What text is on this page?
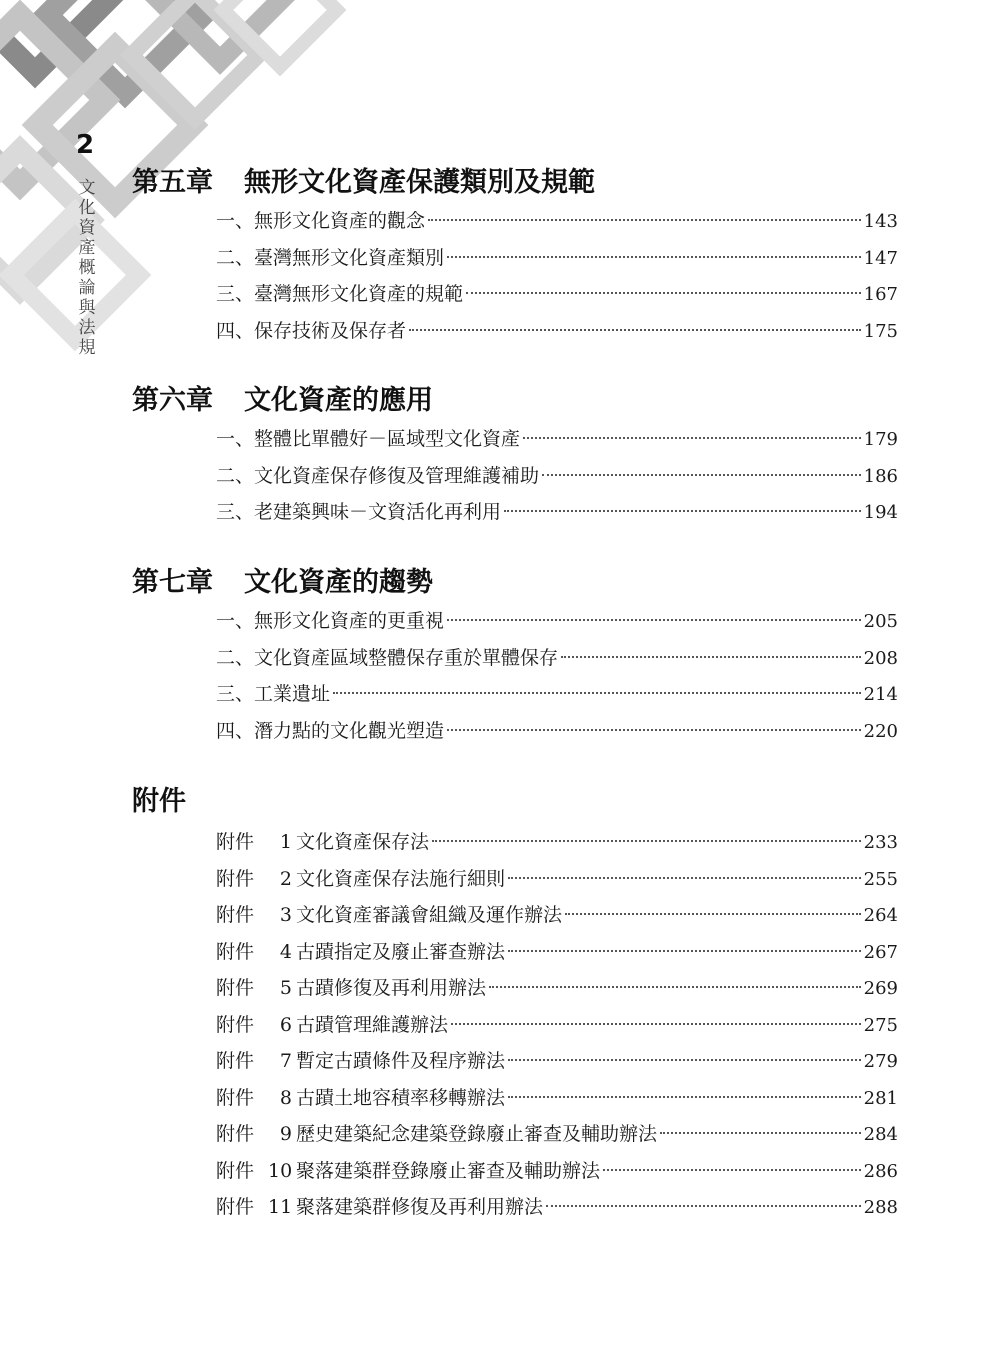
2
文化資產概論與法規
第五章 無形文化資產保護類別及規範
一、無形文化資產的觀念	143
二、臺灣無形文化資產類別	147
三、臺灣無形文化資產的規範	167
四、保存技術及保存者	175
第六章 文化資產的應用
一、整體比單體好－區域型文化資產	179
二、文化資產保存修復及管理維護補助	186
三、老建築興味－文資活化再利用	194
第七章 文化資產的趨勢
一、無形文化資產的更重視	205
二、文化資產區域整體保存重於單體保存	208
三、工業遺址	214
四、潛力點的文化觀光塑造	220
附件
附件 1 文化資產保存法	233
附件 2 文化資產保存法施行細則	255
附件 3 文化資產審議會組織及運作辦法	264
附件 4 古蹟指定及廢止審查辦法	267
附件 5 古蹟修復及再利用辦法	269
附件 6 古蹟管理維護辦法	275
附件 7 暫定古蹟條件及程序辦法	279
附件 8 古蹟土地容積率移轉辦法	281
附件 9 歷史建築紀念建築登錄廢止審查及輔助辦法	284
附件 10 聚落建築群登錄廢止審查及輔助辦法	286
附件 11 聚落建築群修復及再利用辦法	288
